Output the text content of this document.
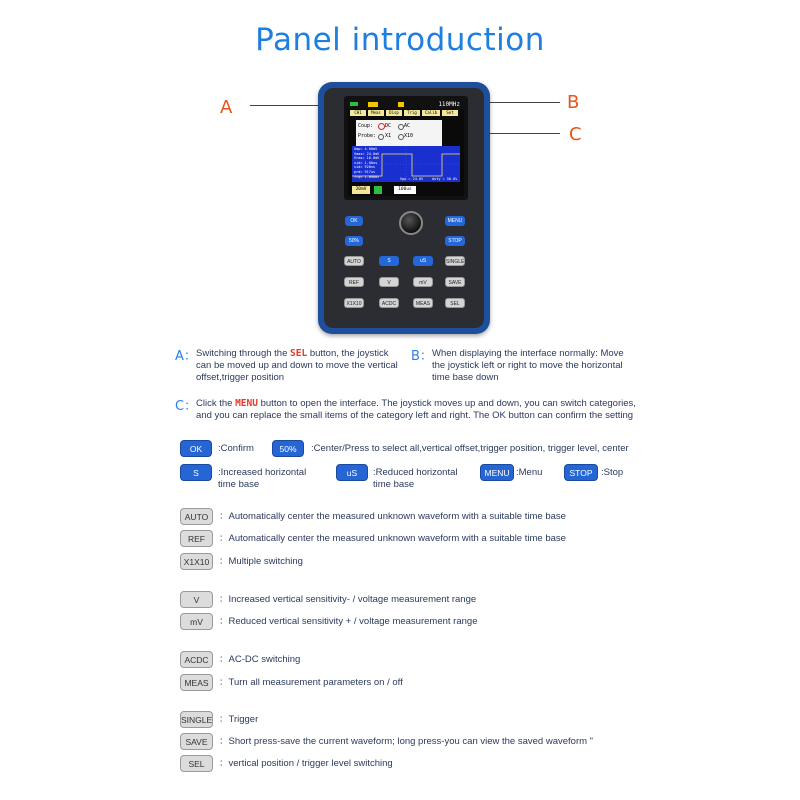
Panel introduction
A	B
C
110MHz
CH1	Meas	Disp	Trig	Calib	Set
Coup: DC	AC
Probe: X1	X10
Amp= 4.00mV
Vmax= 24.0mV
Vrms= 16.8mV
vid= 1.00us
vid= 920ns
prd= 917us
frq= 1.09kHz
Vpp = 24.0V	duty = 50.0%
20mV	100us
OK	MENU
50%	STOP
AUTO	S	uS	SINGLE
REF	V	mV	SAVE
X1X10	ACDC	MEAS	SEL
A： Switching through the SEL button, the joystick can be moved up and down to move the vertical offset,trigger position
B： When displaying the interface normally: Move the joystick left or right to move the horizontal time base down
C：
Click the MENU button to open the interface. The joystick moves up and down, you can switch categories,
and you can replace the small items of the category left and right. The OK button can confirm the setting
OK	:Confirm	50%	:Center/Press to select all,vertical offset,trigger position, trigger level, center
S	:Increased horizontal time base
uS	:Reduced horizontal time base
MENU :Menu	STOP :Stop
AUTO	：Automatically center the measured unknown waveform with a suitable time base
REF	：Automatically center the measured unknown waveform with a suitable time base
X1X10	：Multiple switching
V	：Increased vertical sensitivity- / voltage measurement range
mV	：Reduced vertical sensitivity + / voltage measurement range
ACDC	：AC-DC switching
MEAS	：Turn all measurement parameters on / off
SINGLE ：Trigger
SAVE	：Short press-save the current waveform; long press-you can view the saved waveform "
SEL	：vertical position / trigger level switching
